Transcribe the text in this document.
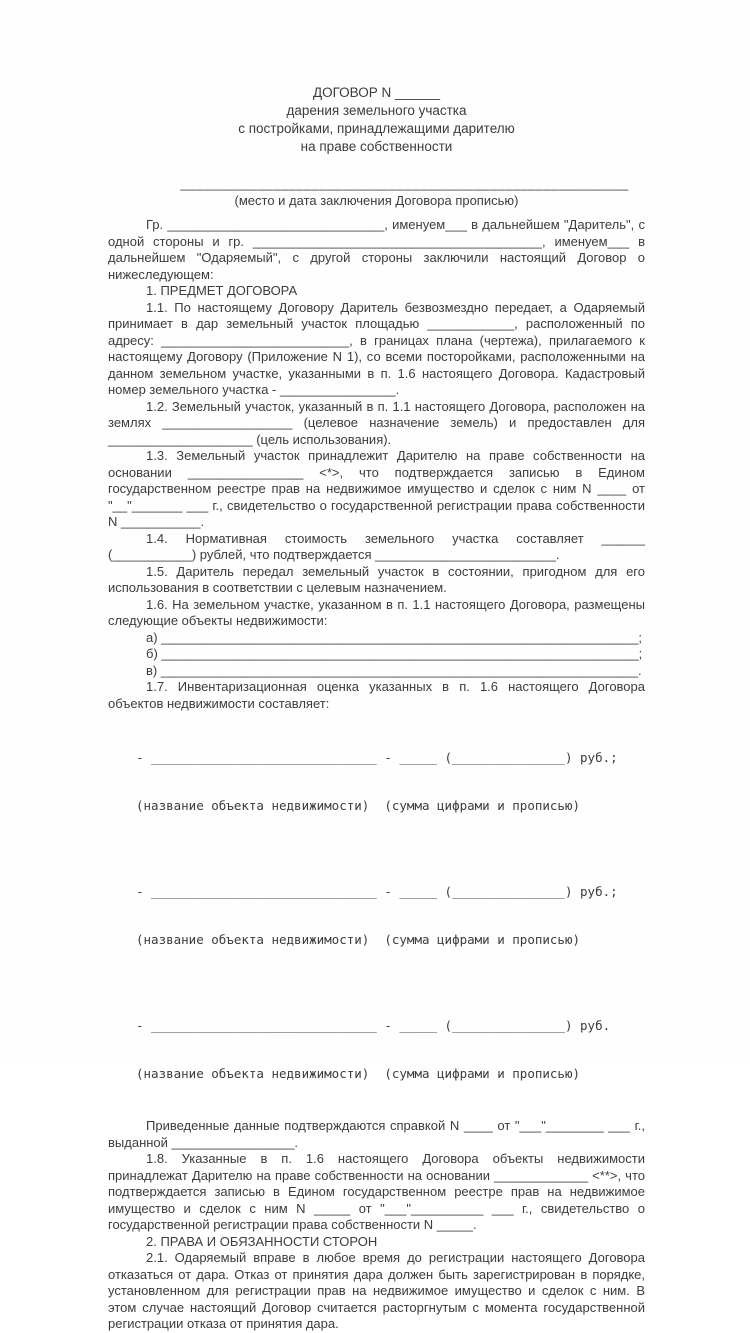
ДОГОВОР N ______
дарения земельного участка
с постройками, принадлежащими дарителю
на праве собственности
__________________________________________________________
(место и дата заключения Договора прописью)

Гр. ______________________________, именуем___ в дальнейшем "Даритель", с одной стороны и гр. ________________________________________, именуем___ в дальнейшем "Одаряемый", с другой стороны заключили настоящий Договор о нижеследующем:

1. ПРЕДМЕТ ДОГОВОРА

1.1. По настоящему Договору Даритель безвозмездно передает, а Одаряемый принимает в дар земельный участок площадью ____________, расположенный по адресу: __________________________, в границах плана (чертежа), прилагаемого к настоящему Договору (Приложение N 1), со всеми посторойками, расположенными на данном земельном участке, указанными в п. 1.6 настоящего Договора. Кадастровый номер земельного участка - ________________.

1.2. Земельный участок, указанный в п. 1.1 настоящего Договора, расположен на землях __________________ (целевое назначение земель) и предоставлен для ____________________ (цель использования).

1.3. Земельный участок принадлежит Дарителю на праве собственности на основании ________________ <*>, что подтверждается записью в Едином государственном реестре прав на недвижимое имущество и сделок с ним N ____ от "__"_______ ___ г., свидетельство о государственной регистрации права собственности N ___________.

1.4. Нормативная стоимость земельного участка составляет ______ (___________) рублей, что подтверждается _________________________.

1.5. Даритель передал земельный участок в состоянии, пригодном для его использования в соответствии с целевым назначением.

1.6. На земельном участке, указанном в п. 1.1 настоящего Договора, размещены следующие объекты недвижимости:

а) __________________________________________________________________;
б) __________________________________________________________________;
в) __________________________________________________________________.

1.7. Инвентаризационная оценка указанных в п. 1.6 настоящего Договора объектов недвижимости составляет:

- ______________________________ - _____ (_______________) руб.;

(название объекта недвижимости)  (сумма цифрами и прописью)

- ______________________________ - _____ (_______________) руб.;

(название объекта недвижимости)  (сумма цифрами и прописью)

- ______________________________ - _____ (_______________) руб.

(название объекта недвижимости)  (сумма цифрами и прописью)

Приведенные данные подтверждаются справкой N ____ от "___"________ ___ г., выданной _________________.

1.8. Указанные в п. 1.6 настоящего Договора объекты недвижимости принадлежат Дарителю на праве собственности на основании _____________ <**>, что подтверждается записью в Едином государственном реестре прав на недвижимое имущество и сделок с ним N _____ от "___"__________ ___ г., свидетельство о государственной регистрации права собственности N _____.

2. ПРАВА И ОБЯЗАННОСТИ СТОРОН

2.1. Одаряемый вправе в любое время до регистрации настоящего Договора отказаться от дара. Отказ от принятия дара должен быть зарегистрирован в порядке, установленном для регистрации прав на недвижимое имущество и сделок с ним. В этом случае настоящий Договор считается расторгнутым с момента государственной регистрации отказа от принятия дара.
